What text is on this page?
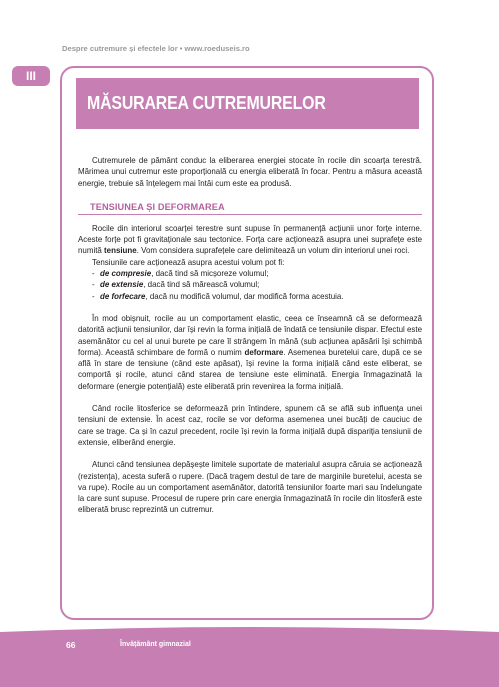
Despre cutremure și efectele lor • www.roeduseis.ro
III
MĂSURAREA CUTREMURELOR

Cutremurele de pământ conduc la eliberarea energiei stocate în rocile din scoarța terestră. Mărimea unui cutremur este proporțională cu energia eliberată în focar. Pentru a măsura această energie, trebuie să înțelegem mai întâi cum este ea produsă.

TENSIUNEA ȘI DEFORMAREA

Rocile din interiorul scoarței terestre sunt supuse în permanență acțiunii unor forțe interne. Aceste forțe pot fi gravitaționale sau tectonice. Forța care acționează asupra unei suprafețe este numită tensiune. Vom considera suprafețele care delimitează un volum din interiorul unei roci.

Tensiunile care acționează asupra acestui volum pot fi:

- de compresie, dacă tind să micșoreze volumul;
- de extensie, dacă tind să mărească volumul;
- de forfecare, dacă nu modifică volumul, dar modifică forma acestuia.

În mod obișnuit, rocile au un comportament elastic, ceea ce înseamnă că se deformează datorită acțiunii tensiunilor, dar își revin la forma inițială de îndată ce tensiunile dispar. Efectul este asemănător cu cel al unui burete pe care îl strângem în mână (sub acțiunea apăsării își schimbă forma). Această schimbare de formă o numim deformare. Asemenea buretelui care, după ce se află în stare de tensiune (când este apăsat), își revine la forma inițială când este eliberat, se comportă și rocile, atunci când starea de tensiune este eliminată. Energia înmagazinată la deformare (energie potențială) este eliberată prin revenirea la forma inițială.

Când rocile litosferice se deformează prin întindere, spunem că se află sub influența unei tensiuni de extensie. În acest caz, rocile se vor deforma asemenea unei bucăți de cauciuc de care se trage. Ca și în cazul precedent, rocile își revin la forma inițială după dispariția tensiunii de extensie, eliberând energie.

Atunci când tensiunea depășește limitele suportate de materialul asupra căruia se acționează (rezistența), acesta suferă o rupere. (Dacă tragem destul de tare de marginile buretelui, acesta se va rupe). Rocile au un comportament asemănător, datorită tensiunilor foarte mari sau îndelungate la care sunt supuse. Procesul de rupere prin care energia înmagazinată în rocile din litosferă este eliberată brusc reprezintă un cutremur.

66	Învățământ gimnazial
